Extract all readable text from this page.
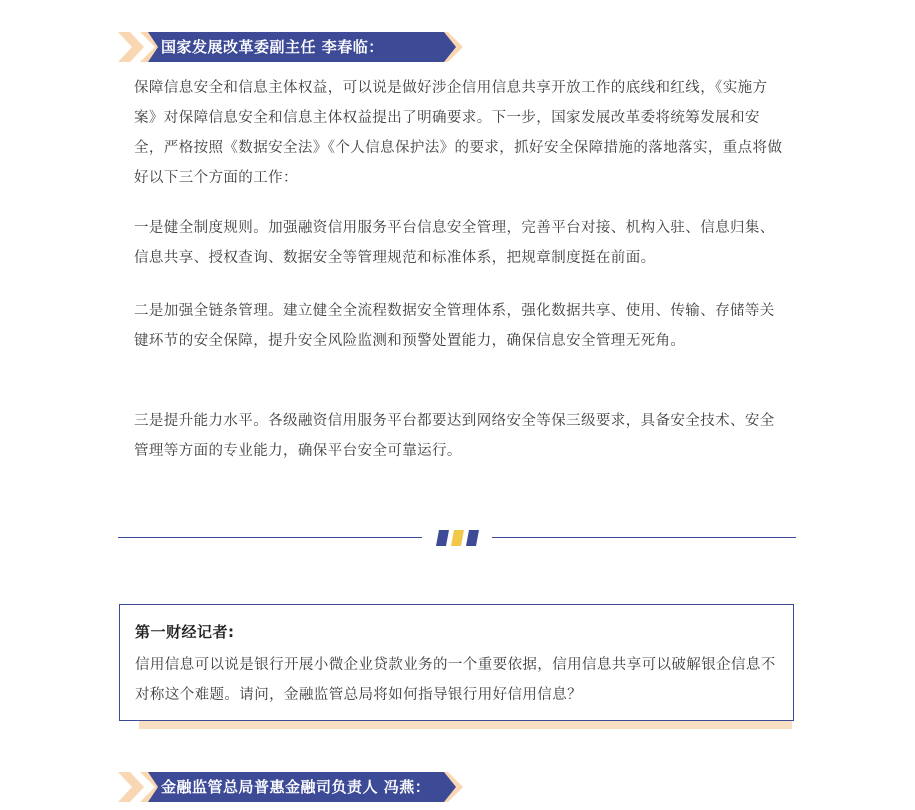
国家发展改革委副主任 李春临：

保障信息安全和信息主体权益，可以说是做好涉企信用信息共享开放工作的底线和红线，《实施方案》对保障信息安全和信息主体权益提出了明确要求。下一步，国家发展改革委将统筹发展和安全，严格按照《数据安全法》《个人信息保护法》的要求，抓好安全保障措施的落地落实，重点将做好以下三个方面的工作：

一是健全制度规则。加强融资信用服务平台信息安全管理，完善平台对接、机构入驻、信息归集、信息共享、授权查询、数据安全等管理规范和标准体系，把规章制度挺在前面。

二是加强全链条管理。建立健全全流程数据安全管理体系，强化数据共享、使用、传输、存储等关键环节的安全保障，提升安全风险监测和预警处置能力，确保信息安全管理无死角。

三是提升能力水平。各级融资信用服务平台都要达到网络安全等保三级要求，具备安全技术、安全管理等方面的专业能力，确保平台安全可靠运行。

第一财经记者:
信用信息可以说是银行开展小微企业贷款业务的一个重要依据，信用信息共享可以破解银企信息不对称这个难题。请问，金融监管总局将如何指导银行用好信用信息？
金融监管总局普惠金融司负责人 冯燕：
